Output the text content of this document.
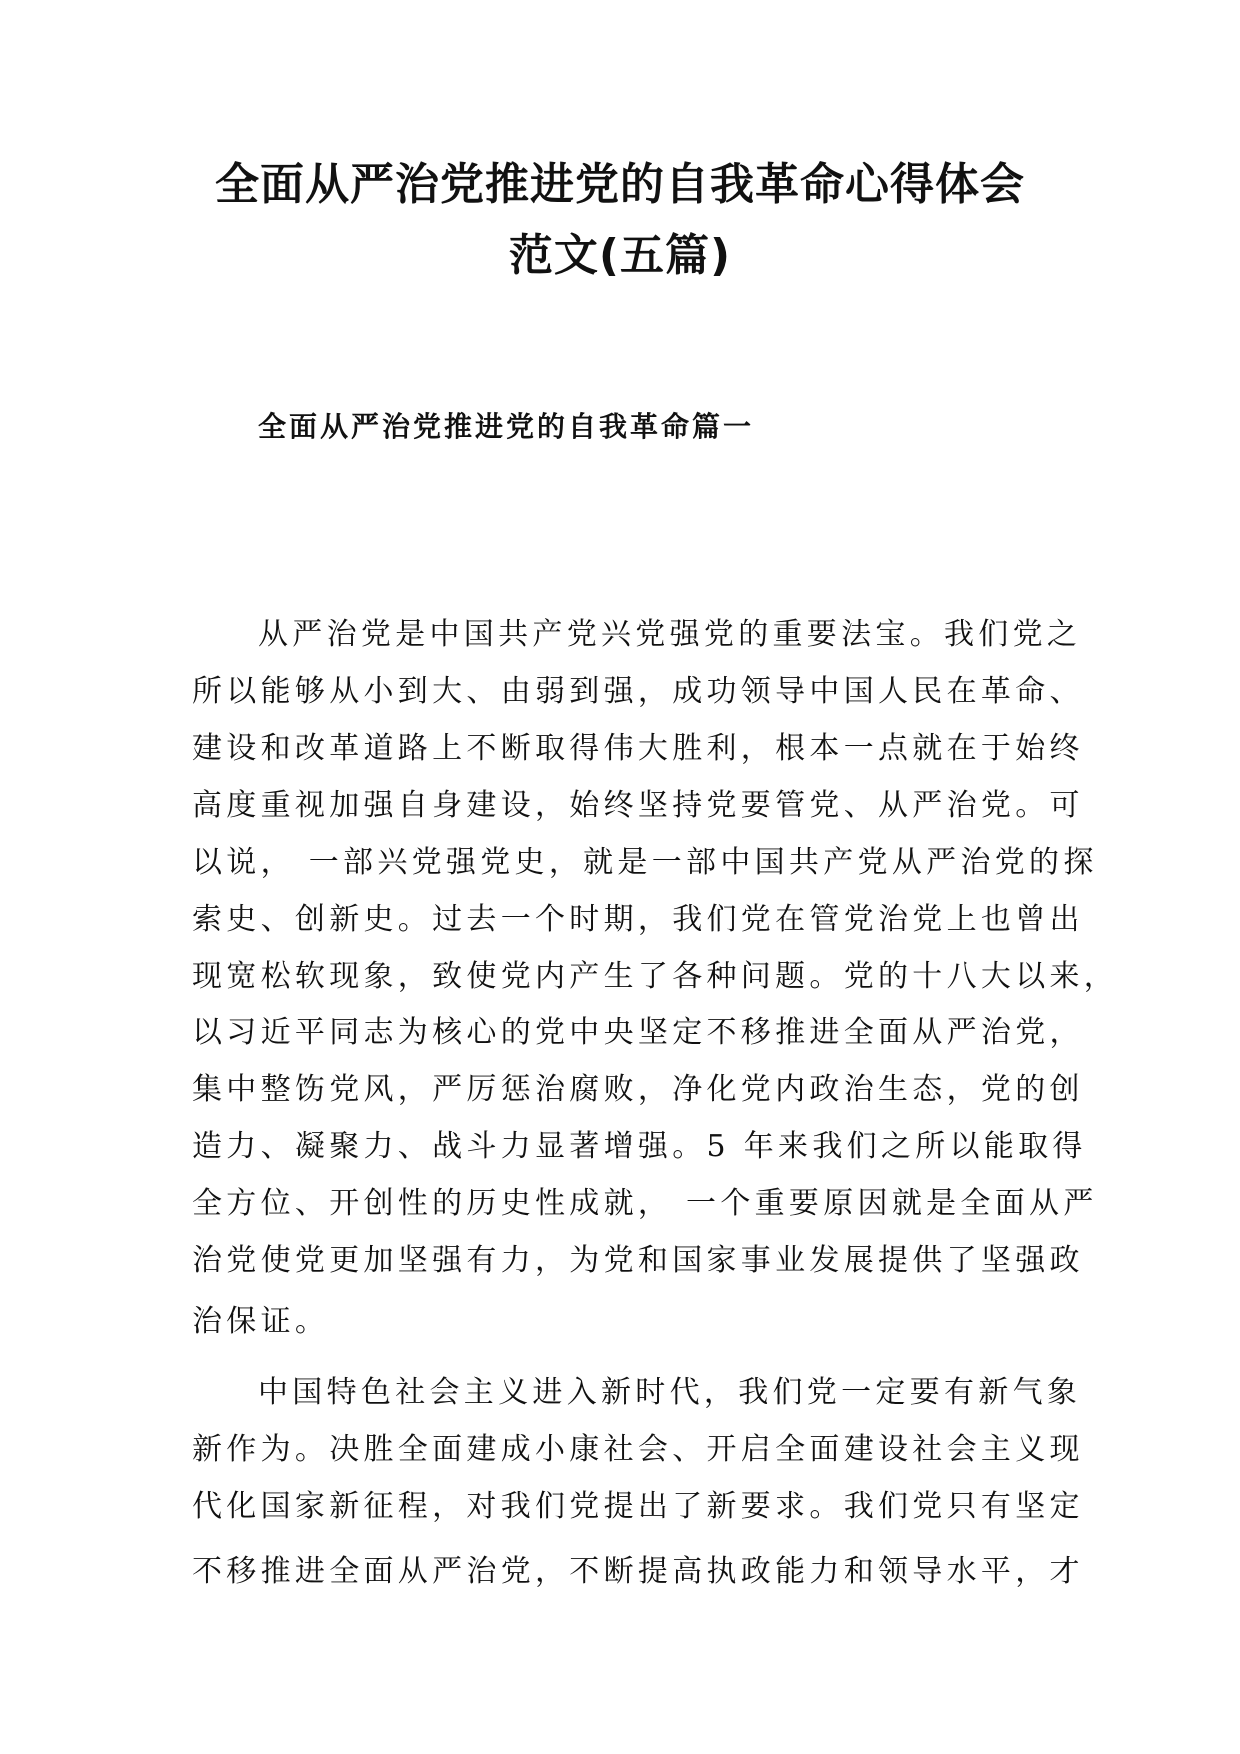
全面从严治党推进党的自我革命心得体会
范文(五篇)
全面从严治党推进党的自我革命篇一

从严治党是中国共产党兴党强党的重要法宝。我们党之

所以能够从小到大、由弱到强，成功领导中国人民在革命、

建设和改革道路上不断取得伟大胜利，根本一点就在于始终

高度重视加强自身建设，始终坚持党要管党、从严治党。可

以说， 一部兴党强党史，就是一部中国共产党从严治党的探

索史、创新史。过去一个时期，我们党在管党治党上也曾出

现宽松软现象，致使党内产生了各种问题。党的十八大以来，

以习近平同志为核心的党中央坚定不移推进全面从严治党，

集中整饬党风，严厉惩治腐败，净化党内政治生态，党的创

造力、凝聚力、战斗力显著增强。5 年来我们之所以能取得

全方位、开创性的历史性成就， 一个重要原因就是全面从严

治党使党更加坚强有力，为党和国家事业发展提供了坚强政

治保证。

中国特色社会主义进入新时代，我们党一定要有新气象

新作为。决胜全面建成小康社会、开启全面建设社会主义现

代化国家新征程，对我们党提出了新要求。我们党只有坚定

不移推进全面从严治党，不断提高执政能力和领导水平，才
